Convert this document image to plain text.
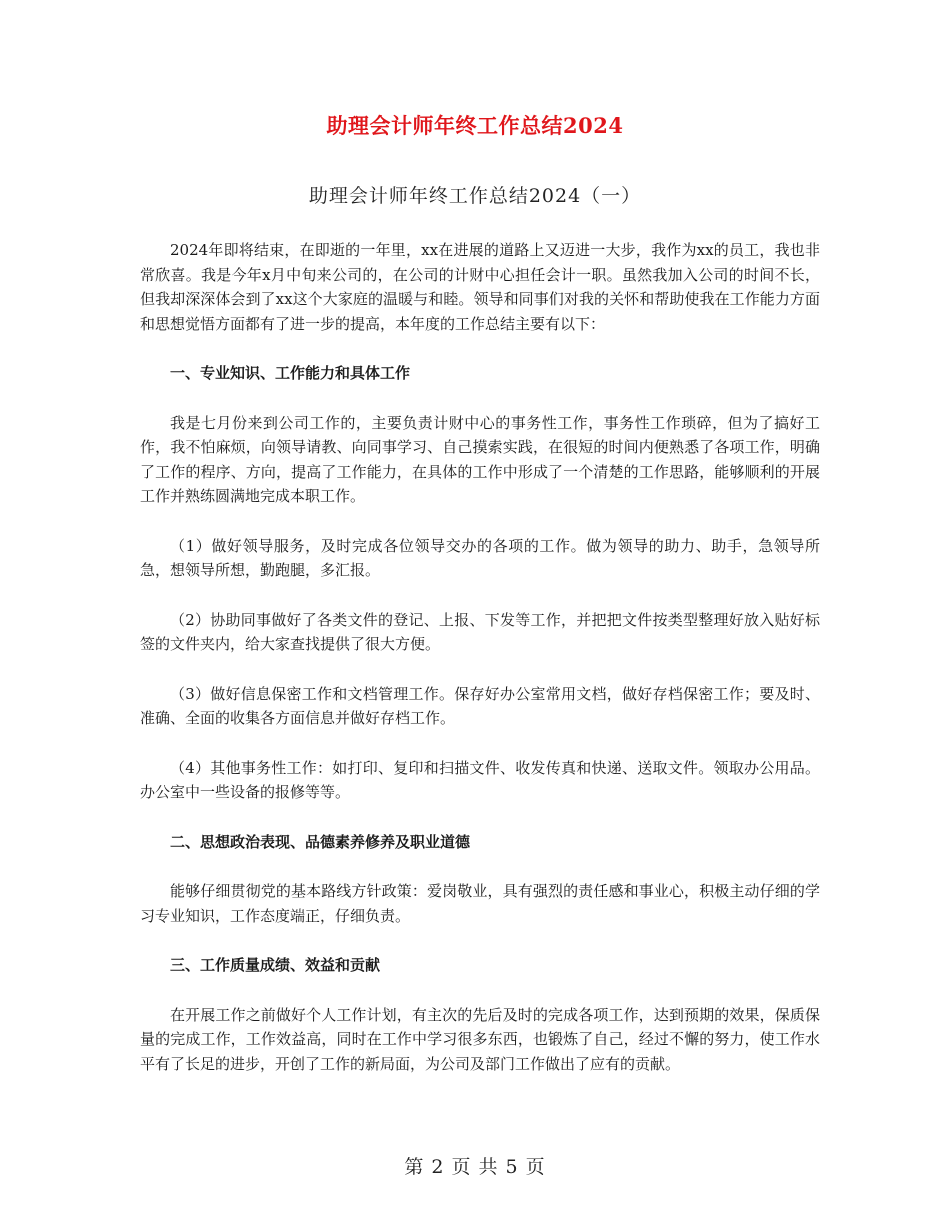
助理会计师年终工作总结2024
助理会计师年终工作总结2024（一）

2024年即将结束，在即逝的一年里，xx在进展的道路上又迈进一大步，我作为xx的员工，我也非常欣喜。我是今年x月中旬来公司的，在公司的计财中心担任会计一职。虽然我加入公司的时间不长，但我却深深体会到了xx这个大家庭的温暖与和睦。领导和同事们对我的关怀和帮助使我在工作能力方面和思想觉悟方面都有了进一步的提高，本年度的工作总结主要有以下：

一、专业知识、工作能力和具体工作

我是七月份来到公司工作的，主要负责计财中心的事务性工作，事务性工作琐碎，但为了搞好工作，我不怕麻烦，向领导请教、向同事学习、自己摸索实践，在很短的时间内便熟悉了各项工作，明确了工作的程序、方向，提高了工作能力，在具体的工作中形成了一个清楚的工作思路，能够顺利的开展工作并熟练圆满地完成本职工作。

（1）做好领导服务，及时完成各位领导交办的各项的工作。做为领导的助力、助手，急领导所急，想领导所想，勤跑腿，多汇报。

（2）协助同事做好了各类文件的登记、上报、下发等工作，并把把文件按类型整理好放入贴好标签的文件夹内，给大家查找提供了很大方便。

（3）做好信息保密工作和文档管理工作。保存好办公室常用文档，做好存档保密工作；要及时、准确、全面的收集各方面信息并做好存档工作。

（4）其他事务性工作：如打印、复印和扫描文件、收发传真和快递、送取文件。领取办公用品。办公室中一些设备的报修等等。

二、思想政治表现、品德素养修养及职业道德

能够仔细贯彻党的基本路线方针政策：爱岗敬业，具有强烈的责任感和事业心，积极主动仔细的学习专业知识，工作态度端正，仔细负责。

三、工作质量成绩、效益和贡献

在开展工作之前做好个人工作计划，有主次的先后及时的完成各项工作，达到预期的效果，保质保量的完成工作，工作效益高，同时在工作中学习很多东西，也锻炼了自己，经过不懈的努力，使工作水平有了长足的进步，开创了工作的新局面，为公司及部门工作做出了应有的贡献。

第 2 页 共 5 页
